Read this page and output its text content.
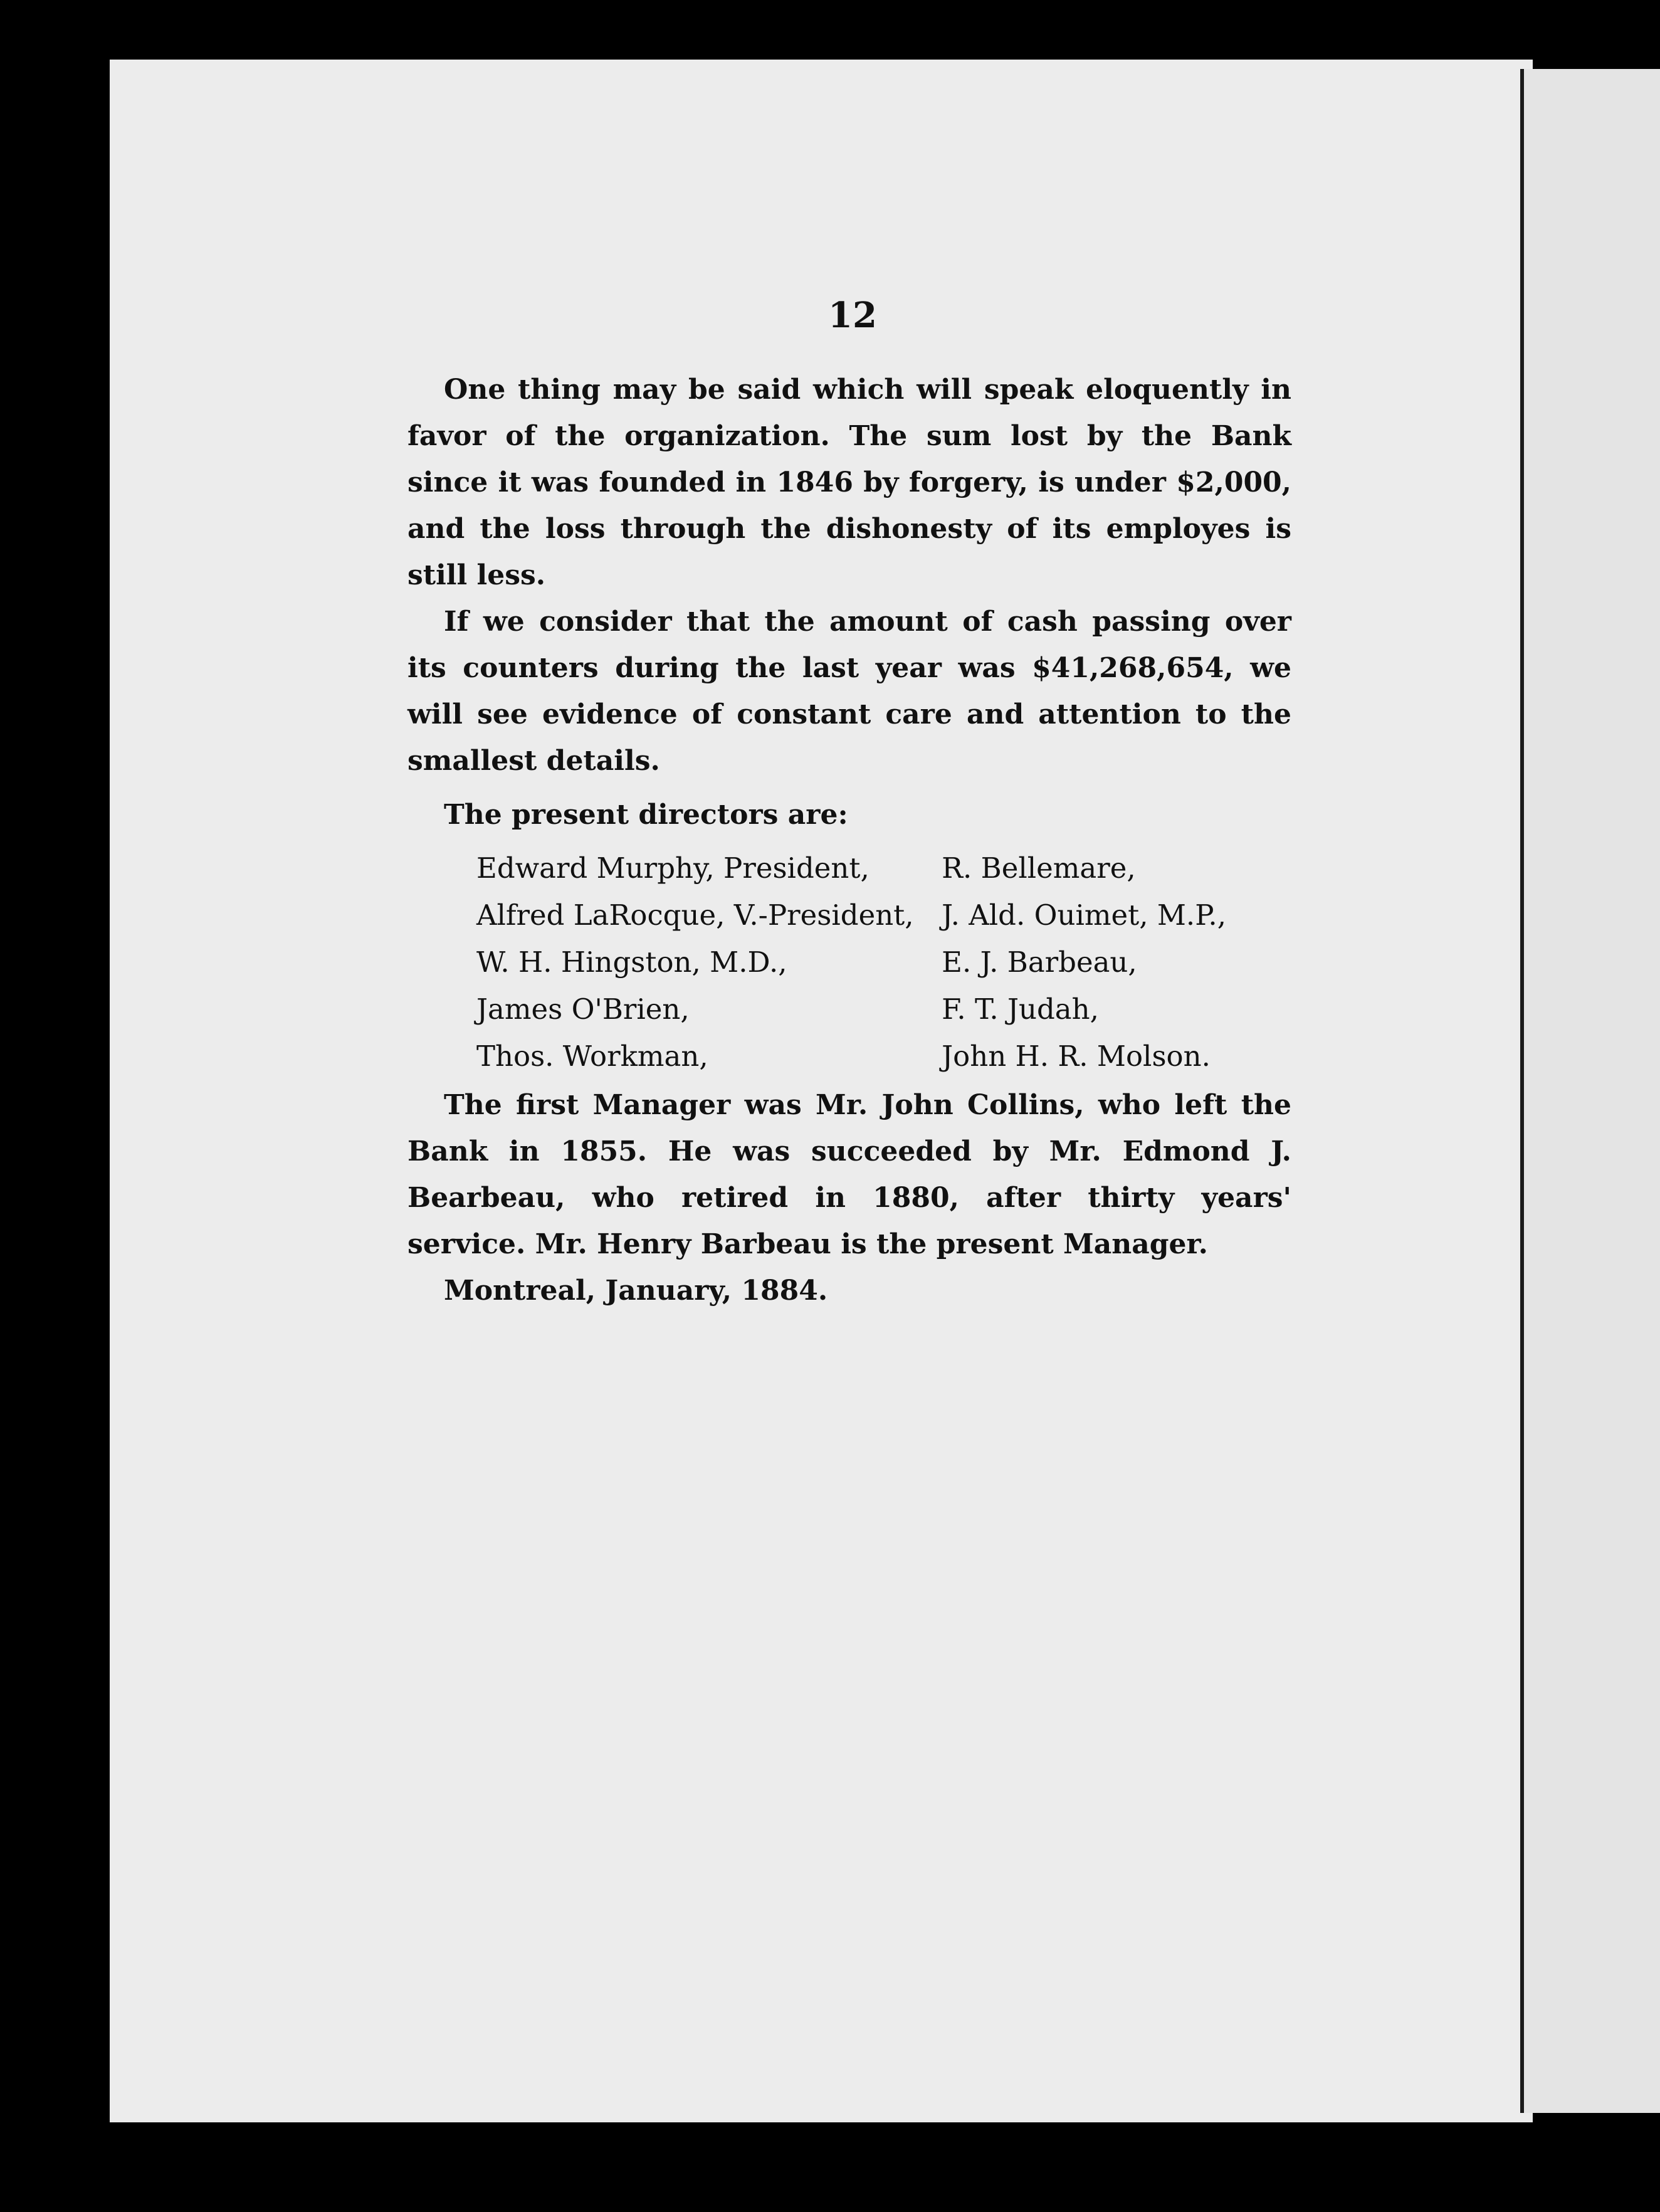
12

One thing may be said which will speak eloquently in favor of the organization. The sum lost by the Bank since it was founded in 1846 by forgery, is under $2,000, and the loss through the dishonesty of its employes is still less.

If we consider that the amount of cash passing over its counters during the last year was $41,268,654, we will see evidence of constant care and attention to the smallest details.

The present directors are:

Edward Murphy, President,
Alfred LaRocque, V.-President,
W. H. Hingston, M.D.,
James O'Brien,
Thos. Workman,
R. Bellemare,
J. Ald. Ouimet, M.P.,
E. J. Barbeau,
F. T. Judah,
John H. R. Molson.

The first Manager was Mr. John Collins, who left the Bank in 1855. He was succeeded by Mr. Edmond J. Bearbeau, who retired in 1880, after thirty years' service. Mr. Henry Barbeau is the present Manager.

Montreal, January, 1884.
